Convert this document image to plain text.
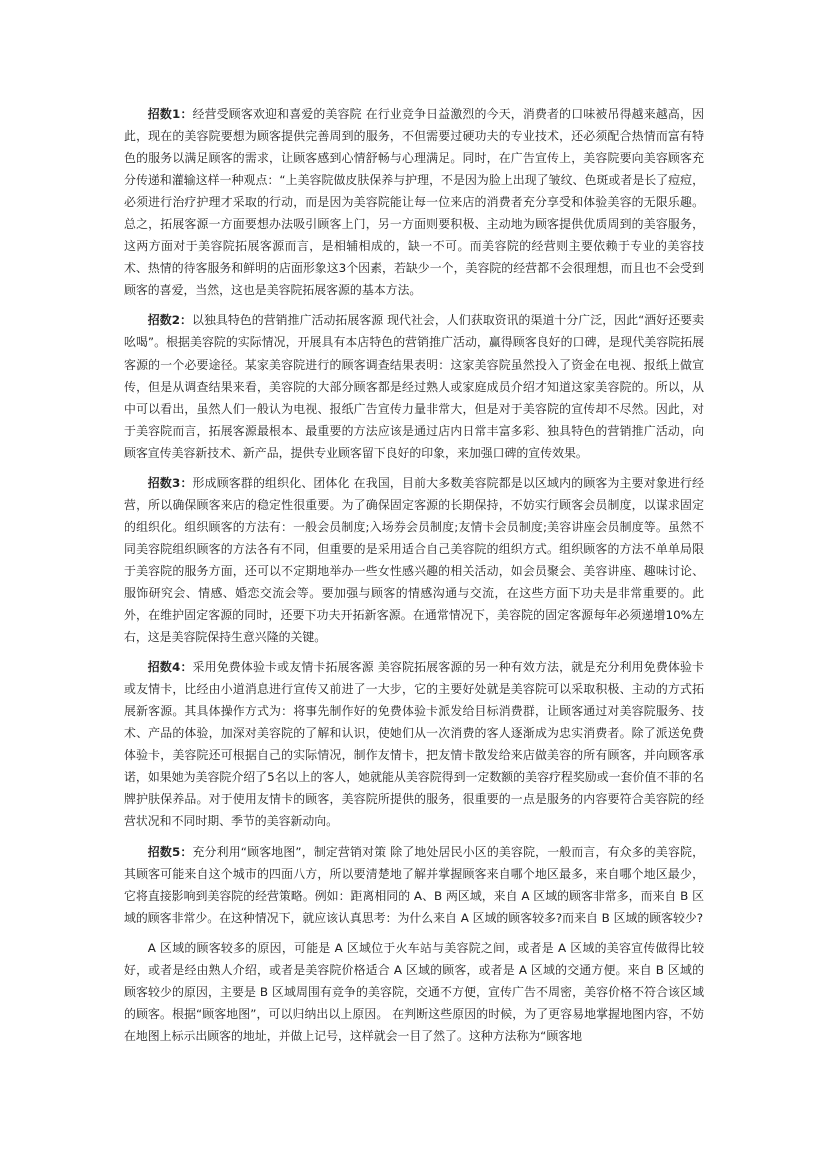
招数1：经营受顾客欢迎和喜爱的美容院 在行业竞争日益激烈的今天，消费者的口味被吊得越来越高，因此，现在的美容院要想为顾客提供完善周到的服务，不但需要过硬功夫的专业技术，还必须配合热情而富有特色的服务以满足顾客的需求，让顾客感到心情舒畅与心理满足。同时，在广告宣传上，美容院要向美容顾客充分传递和灌输这样一种观点：“上美容院做皮肤保养与护理，不是因为脸上出现了皱纹、色斑或者是长了痘痘，必须进行治疗护理才采取的行动，而是因为美容院能让每一位来店的消费者充分享受和体验美容的无限乐趣。总之，拓展客源一方面要想办法吸引顾客上门，另一方面则要积极、主动地为顾客提供优质周到的美容服务，这两方面对于美容院拓展客源而言，是相辅相成的，缺一不可。而美容院的经营则主要依赖于专业的美容技术、热情的待客服务和鲜明的店面形象这3个因素，若缺少一个，美容院的经营都不会很理想，而且也不会受到顾客的喜爱，当然，这也是美容院拓展客源的基本方法。

招数2：以独具特色的营销推广活动拓展客源 现代社会，人们获取资讯的渠道十分广泛，因此“酒好还要卖吆喝”。根据美容院的实际情况，开展具有本店特色的营销推广活动，赢得顾客良好的口碑，是现代美容院拓展客源的一个必要途径。某家美容院进行的顾客调查结果表明：这家美容院虽然投入了资金在电视、报纸上做宣传，但是从调查结果来看，美容院的大部分顾客都是经过熟人或家庭成员介绍才知道这家美容院的。所以，从中可以看出，虽然人们一般认为电视、报纸广告宣传力量非常大，但是对于美容院的宣传却不尽然。因此，对于美容院而言，拓展客源最根本、最重要的方法应该是通过店内日常丰富多彩、独具特色的营销推广活动，向顾客宣传美容新技术、新产品，提供专业顾客留下良好的印象，来加强口碑的宣传效果。

招数3：形成顾客群的组织化、团体化 在我国，目前大多数美容院都是以区域内的顾客为主要对象进行经营，所以确保顾客来店的稳定性很重要。为了确保固定客源的长期保持，不妨实行顾客会员制度，以谋求固定的组织化。组织顾客的方法有：一般会员制度;入场券会员制度;友情卡会员制度;美容讲座会员制度等。虽然不同美容院组织顾客的方法各有不同，但重要的是采用适合自己美容院的组织方式。组织顾客的方法不单单局限于美容院的服务方面，还可以不定期地举办一些女性感兴趣的相关活动，如会员聚会、美容讲座、趣味讨论、服饰研究会、情感、婚恋交流会等。要加强与顾客的情感沟通与交流，在这些方面下功夫是非常重要的。此外，在维护固定客源的同时，还要下功夫开拓新客源。在通常情况下，美容院的固定客源每年必须递增10%左右，这是美容院保持生意兴隆的关键。

招数4：采用免费体验卡或友情卡拓展客源 美容院拓展客源的另一种有效方法，就是充分利用免费体验卡或友情卡，比经由小道消息进行宣传又前进了一大步，它的主要好处就是美容院可以采取积极、主动的方式拓展新客源。其具体操作方式为：将事先制作好的免费体验卡派发给目标消费群，让顾客通过对美容院服务、技术、产品的体验，加深对美容院的了解和认识，使她们从一次消费的客人逐渐成为忠实消费者。除了派送免费体验卡，美容院还可根据自己的实际情况，制作友情卡，把友情卡散发给来店做美容的所有顾客，并向顾客承诺，如果她为美容院介绍了5名以上的客人，她就能从美容院得到一定数额的美容疗程奖励或一套价值不菲的名牌护肤保养品。对于使用友情卡的顾客，美容院所提供的服务，很重要的一点是服务的内容要符合美容院的经营状况和不同时期、季节的美容新动向。

招数5：充分利用“顾客地图”，制定营销对策 除了地处居民小区的美容院，一般而言，有众多的美容院，其顾客可能来自这个城市的四面八方，所以要清楚地了解并掌握顾客来自哪个地区最多，来自哪个地区最少，它将直接影响到美容院的经营策略。例如：距离相同的 A、B 两区域，来自 A 区域的顾客非常多，而来自 B 区域的顾客非常少。在这种情况下，就应该认真思考：为什么来自 A 区域的顾客较多?而来自 B 区域的顾客较少?

A 区域的顾客较多的原因，可能是 A 区域位于火车站与美容院之间，或者是 A 区域的美容宣传做得比较好，或者是经由熟人介绍，或者是美容院价格适合 A 区域的顾客，或者是 A 区域的交通方便。来自 B 区域的顾客较少的原因，主要是 B 区域周围有竞争的美容院，交通不方便，宣传广告不周密，美容价格不符合该区域的顾客。根据“顾客地图”，可以归纳出以上原因。 在判断这些原因的时候，为了更容易地掌握地图内容，不妨在地图上标示出顾客的地址，并做上记号，这样就会一目了然了。这种方法称为“顾客地
